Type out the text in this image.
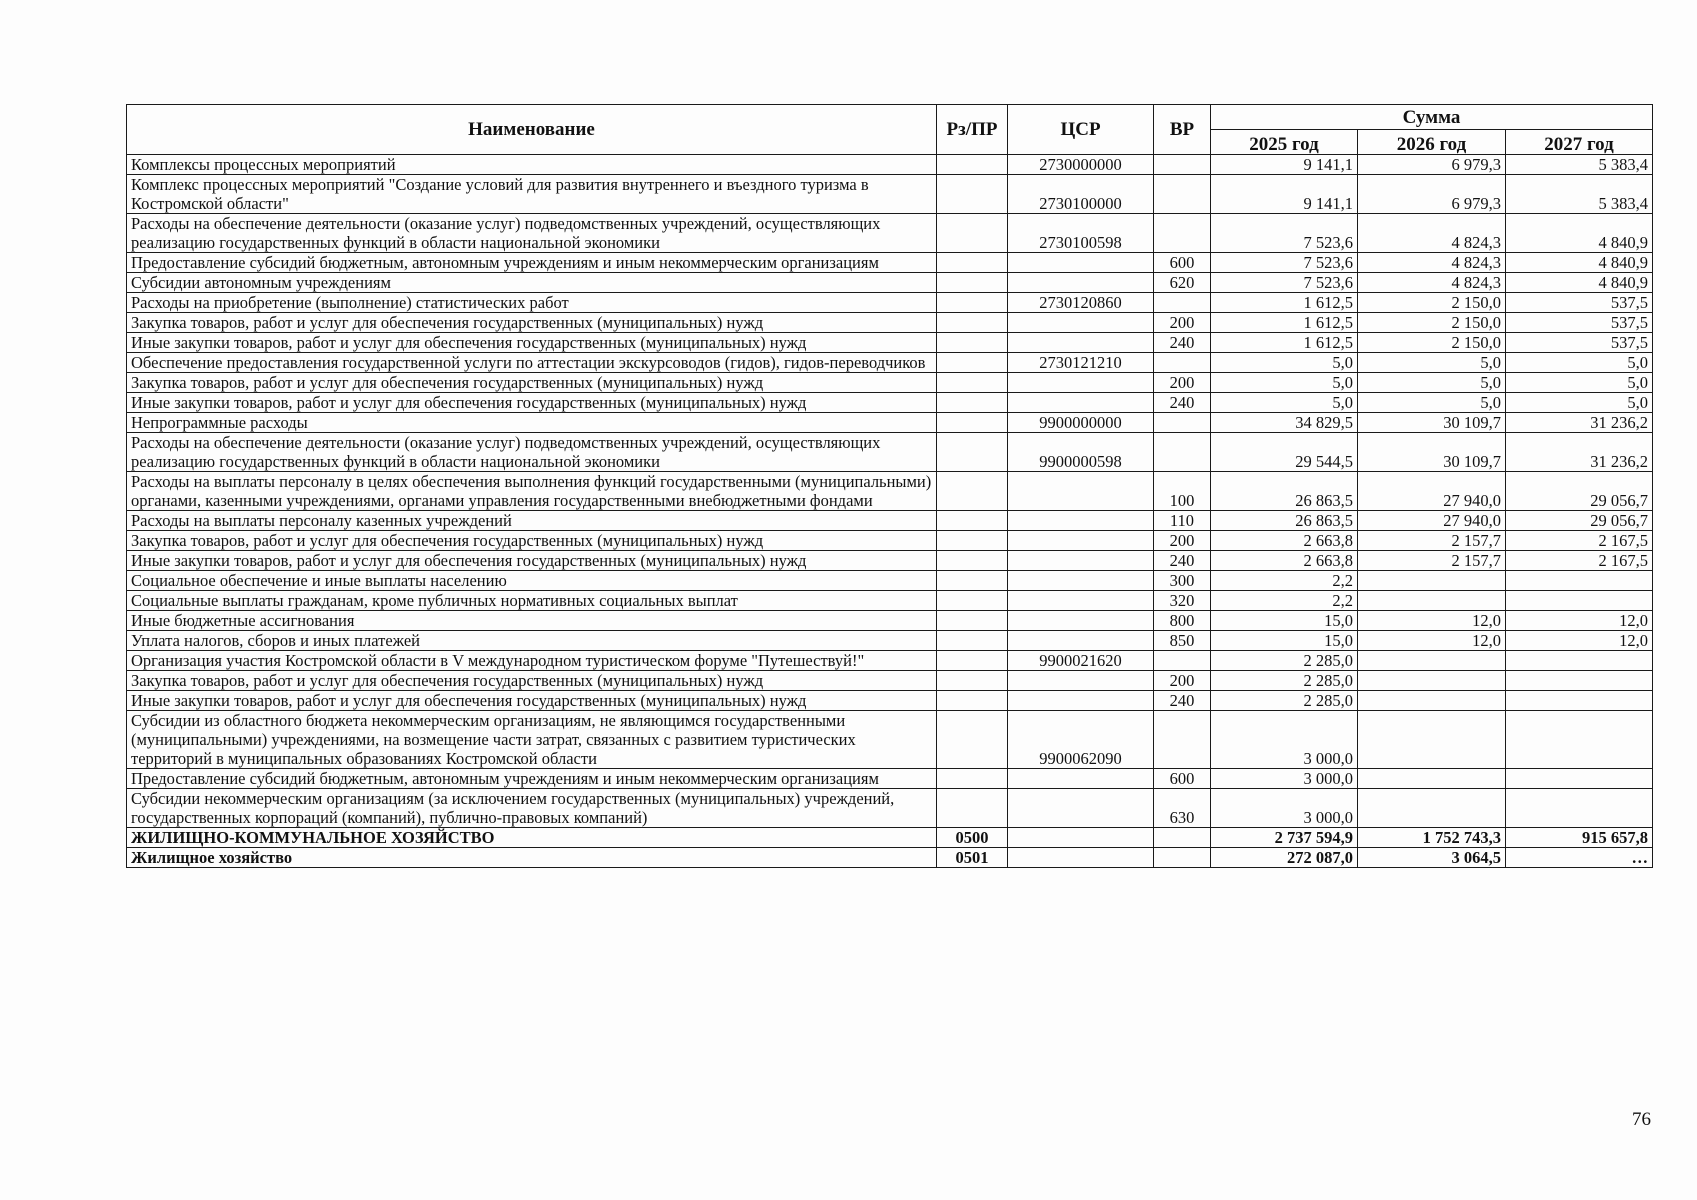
Наименование	Рз/ПР	ЦСР	ВР	Сумма		
				2025 год	2026 год	2027 год
Комплексы процессных мероприятий		2730000000		9 141,1	6 979,3	5 383,4
Комплекс процессных мероприятий "Создание условий для развития внутреннего и въездного туризма в Костромской области"		2730100000		9 141,1	6 979,3	5 383,4
Расходы на обеспечение деятельности (оказание услуг) подведомственных учреждений, осуществляющих реализацию государственных функций в области национальной экономики		2730100598		7 523,6	4 824,3	4 840,9
Предоставление субсидий бюджетным, автономным учреждениям и иным некоммерческим организациям			600	7 523,6	4 824,3	4 840,9
Субсидии автономным учреждениям			620	7 523,6	4 824,3	4 840,9
Расходы на приобретение (выполнение) статистических работ		2730120860		1 612,5	2 150,0	537,5
Закупка товаров, работ и услуг для обеспечения государственных (муниципальных) нужд			200	1 612,5	2 150,0	537,5
Иные закупки товаров, работ и услуг для обеспечения государственных (муниципальных) нужд			240	1 612,5	2 150,0	537,5
Обеспечение предоставления государственной услуги по аттестации экскурсоводов (гидов), гидов-переводчиков		2730121210		5,0	5,0	5,0
Закупка товаров, работ и услуг для обеспечения государственных (муниципальных) нужд			200	5,0	5,0	5,0
Иные закупки товаров, работ и услуг для обеспечения государственных (муниципальных) нужд			240	5,0	5,0	5,0
Непрограммные расходы		9900000000		34 829,5	30 109,7	31 236,2
Расходы на обеспечение деятельности (оказание услуг) подведомственных учреждений, осуществляющих реализацию государственных функций в области национальной экономики		9900000598		29 544,5	30 109,7	31 236,2
Расходы на выплаты персоналу в целях обеспечения выполнения функций государственными (муниципальными) органами, казенными учреждениями, органами управления государственными внебюджетными фондами			100	26 863,5	27 940,0	29 056,7
Расходы на выплаты персоналу казенных учреждений			110	26 863,5	27 940,0	29 056,7
Закупка товаров, работ и услуг для обеспечения государственных (муниципальных) нужд			200	2 663,8	2 157,7	2 167,5
Иные закупки товаров, работ и услуг для обеспечения государственных (муниципальных) нужд			240	2 663,8	2 157,7	2 167,5
Социальное обеспечение и иные выплаты населению			300	2,2		
Социальные выплаты гражданам, кроме публичных нормативных социальных выплат			320	2,2		
Иные бюджетные ассигнования			800	15,0	12,0	12,0
Уплата налогов, сборов и иных платежей			850	15,0	12,0	12,0
Организация участия Костромской области в V международном туристическом форуме "Путешествуй!"		9900021620		2 285,0		
Закупка товаров, работ и услуг для обеспечения государственных (муниципальных) нужд			200	2 285,0		
Иные закупки товаров, работ и услуг для обеспечения государственных (муниципальных) нужд			240	2 285,0		
Субсидии из областного бюджета некоммерческим организациям, не являющимся государственными (муниципальными) учреждениями, на возмещение части затрат, связанных с развитием туристических территорий в муниципальных образованиях Костромской области		9900062090		3 000,0		
Предоставление субсидий бюджетным, автономным учреждениям и иным некоммерческим организациям			600	3 000,0		
Субсидии некоммерческим организациям (за исключением государственных (муниципальных) учреждений, государственных корпораций (компаний), публично-правовых компаний)			630	3 000,0		
ЖИЛИЩНО-КОММУНАЛЬНОЕ ХОЗЯЙСТВО	0500			2 737 594,9	1 752 743,3	915 657,8
Жилищное хозяйство	0501			272 087,0	3 064,5	…
76
